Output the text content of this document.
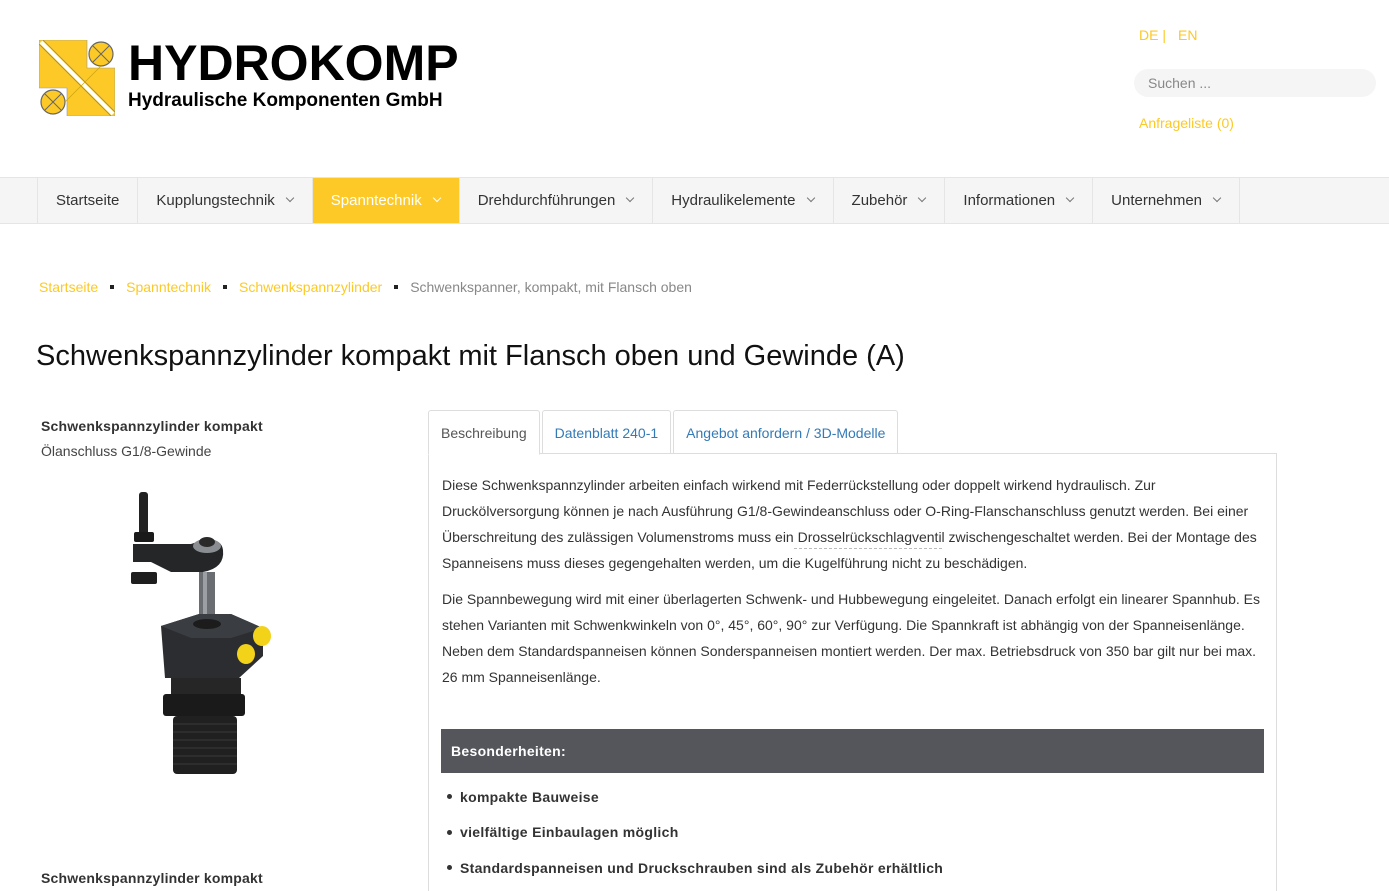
HYDROKOMP
Hydraulische Komponenten GmbH
DE | EN
Suchen ...
Anfrageliste (0)
Startseite Kupplungstechnik	Spanntechnik	Drehdurchführungen	Hydraulikelemente	Zubehör	Informationen	Unternehmen
Startseite Spanntechnik Schwenkspannzylinder Schwenkspanner, kompakt, mit Flansch oben
Schwenkspannzylinder kompakt mit Flansch oben und Gewinde (A)
Schwenkspannzylinder kompakt
Ölanschluss G1/8-Gewinde
Schwenkspannzylinder kompakt
Beschreibung	Datenblatt 240-1	Angebot anfordern / 3D-Modelle

Diese Schwenkspannzylinder arbeiten einfach wirkend mit Federrückstellung oder doppelt wirkend hydraulisch. Zur Druckölversorgung können je nach Ausführung G1/8-Gewindeanschluss oder O-Ring-Flanschanschluss genutzt werden. Bei einer Überschreitung des zulässigen Volumenstroms muss ein Drosselrückschlagventil zwischengeschaltet werden. Bei der Montage des Spanneisens muss dieses gegengehalten werden, um die Kugelführung nicht zu beschädigen.

Die Spannbewegung wird mit einer überlagerten Schwenk- und Hubbewegung eingeleitet. Danach erfolgt ein linearer Spannhub. Es stehen Varianten mit Schwenkwinkeln von 0°, 45°, 60°, 90° zur Verfügung. Die Spannkraft ist abhängig von der Spanneisenlänge. Neben dem Standardspanneisen können Sonderspanneisen montiert werden. Der max. Betriebsdruck von 350 bar gilt nur bei max. 26 mm Spanneisenlänge.

Besonderheiten:
kompakte Bauweise
vielfältige Einbaulagen möglich
Standardspanneisen und Druckschrauben sind als Zubehör erhältlich
